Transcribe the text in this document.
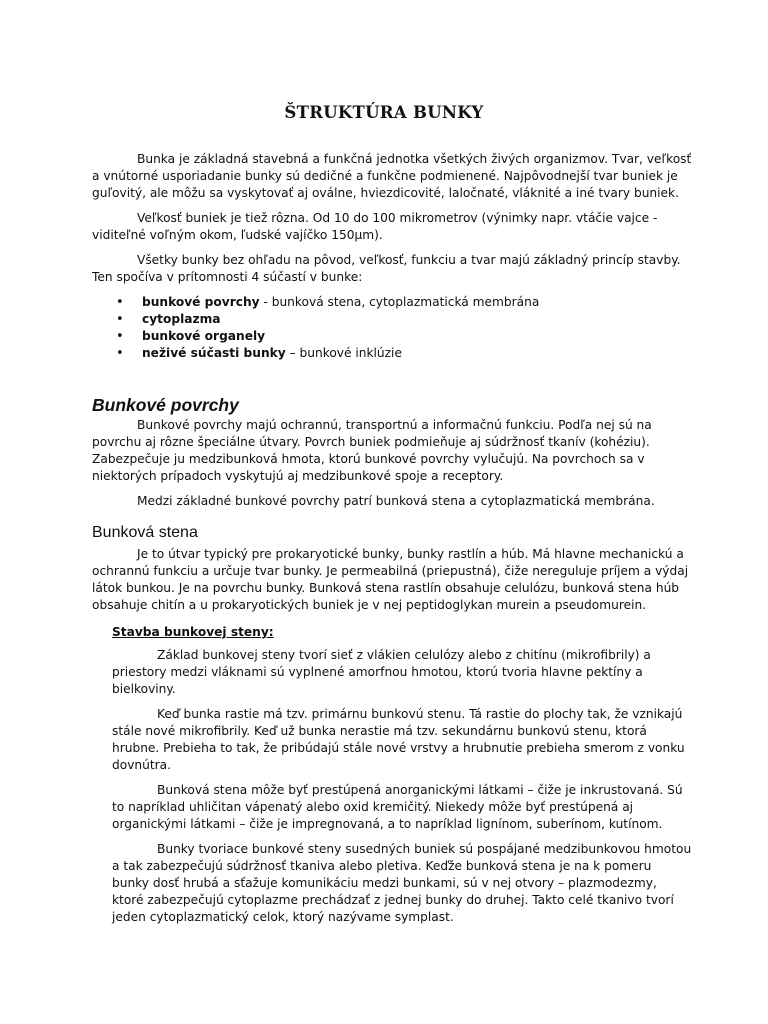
ŠTRUKTÚRA BUNKY

Bunka je základná stavebná a funkčná jednotka všetkých živých organizmov. Tvar, veľkosť a vnútorné usporiadanie bunky sú dedičné a funkčne podmienené. Najpôvodnejší tvar buniek je guľovitý, ale môžu sa vyskytovať aj oválne, hviezdicovité, laločnaté, vláknité a iné tvary buniek.

Veľkosť buniek je tiež rôzna. Od 10 do 100 mikrometrov (výnimky napr. vtáčie vajce - viditeľné voľným okom, ľudské vajíčko 150μm).

Všetky bunky bez ohľadu na pôvod, veľkosť, funkciu a tvar majú základný princíp stavby. Ten spočíva v prítomnosti 4 súčastí v bunke:

•bunkové povrchy - bunková stena, cytoplazmatická membrána
•cytoplazma
•bunkové organely
•neživé súčasti bunky – bunkové inklúzie
Bunkové povrchy

Bunkové povrchy majú ochrannú, transportnú a informačnú funkciu. Podľa nej sú na povrchu aj rôzne špeciálne útvary. Povrch buniek podmieňuje aj súdržnosť tkanív (kohéziu). Zabezpečuje ju medzibunková hmota, ktorú bunkové povrchy vylučujú. Na povrchoch sa v niektorých prípadoch vyskytujú aj medzibunkové spoje a receptory.

Medzi základné bunkové povrchy patrí bunková stena a cytoplazmatická membrána.

Bunková stena

Je to útvar typický pre prokaryotické bunky, bunky rastlín a húb. Má hlavne mechanickú a ochrannú funkciu a určuje tvar bunky. Je permeabilná (priepustná), čiže nereguluje príjem a výdaj látok bunkou. Je na povrchu bunky. Bunková stena rastlín obsahuje celulózu, bunková stena húb obsahuje chitín a u prokaryotických buniek je v nej peptidoglykan murein a pseudomurein.

Stavba bunkovej steny:

Základ bunkovej steny tvorí sieť z vlákien celulózy alebo z chitínu (mikrofibrily) a priestory medzi vláknami sú vyplnené amorfnou hmotou, ktorú tvoria hlavne pektíny a bielkoviny.

Keď bunka rastie má tzv. primárnu bunkovú stenu. Tá rastie do plochy tak, že vznikajú stále nové mikrofibrily. Keď už bunka nerastie má tzv. sekundárnu bunkovú stenu, ktorá hrubne. Prebieha to tak, že pribúdajú stále nové vrstvy a hrubnutie prebieha smerom z vonku dovnútra.

Bunková stena môže byť prestúpená anorganickými látkami – čiže je inkrustovaná. Sú to napríklad uhličitan vápenatý alebo oxid kremičitý. Niekedy môže byť prestúpená aj organickými látkami – čiže je impregnovaná, a to napríklad lignínom, suberínom, kutínom.

Bunky tvoriace bunkové steny susedných buniek sú pospájané medzibunkovou hmotou a tak zabezpečujú súdržnosť tkaniva alebo pletiva. Keďže bunková stena je na k pomeru bunky dosť hrubá a sťažuje komunikáciu medzi bunkami, sú v nej otvory – plazmodezmy, ktoré zabezpečujú cytoplazme prechádzať z jednej bunky do druhej. Takto celé tkanivo tvorí jeden cytoplazmatický celok, ktorý nazývame symplast.
